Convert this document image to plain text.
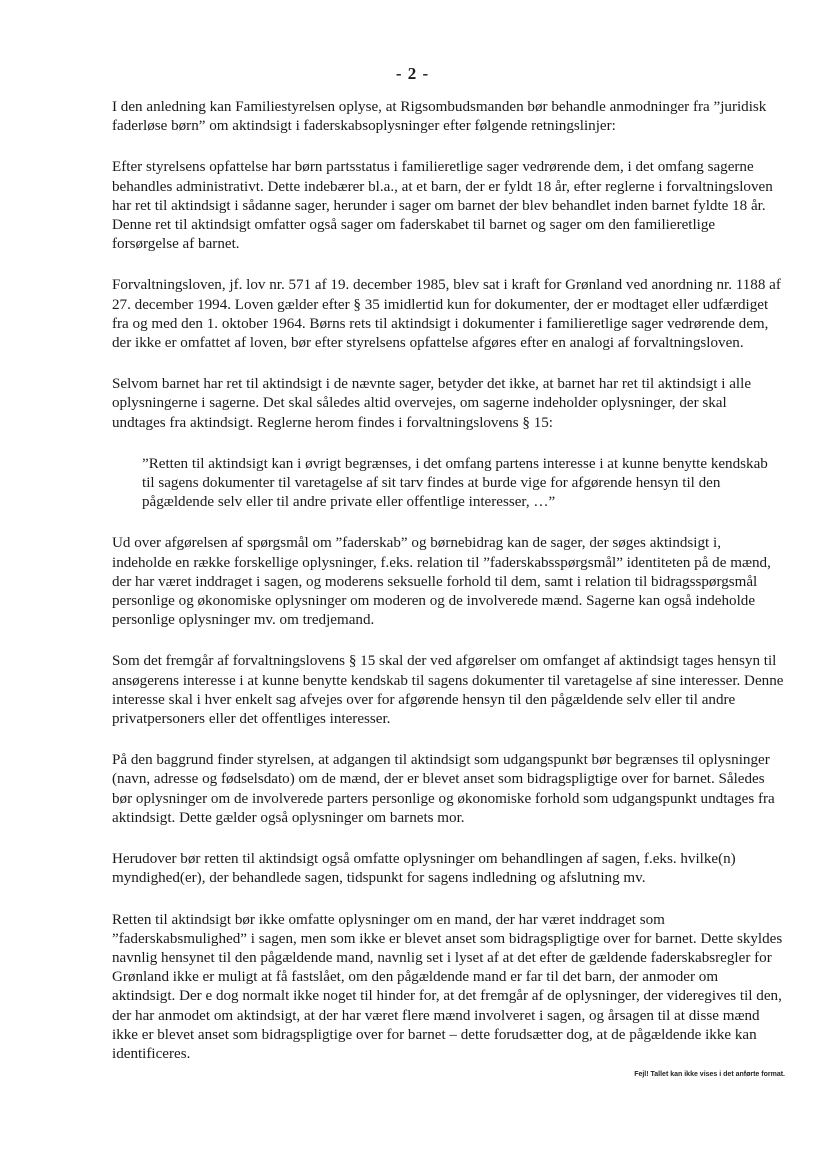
- 2 -

I den anledning kan Familiestyrelsen oplyse, at Rigsombudsmanden bør behandle anmodninger fra ”juridisk faderløse børn” om aktindsigt i faderskabsoplysninger efter følgende retningslinjer:

Efter styrelsens opfattelse har børn partsstatus i familieretlige sager vedrørende dem, i det omfang sagerne behandles administrativt. Dette indebærer bl.a., at et barn, der er fyldt 18 år, efter reglerne i forvaltningsloven har ret til aktindsigt i sådanne sager, herunder i sager om barnet der blev behandlet inden barnet fyldte 18 år. Denne ret til aktindsigt omfatter også sager om faderskabet til barnet og sager om den familieretlige forsørgelse af barnet.

Forvaltningsloven, jf. lov nr. 571 af 19. december 1985, blev sat i kraft for Grønland ved anordning nr. 1188 af 27. december 1994. Loven gælder efter § 35 imidlertid kun for dokumenter, der er modtaget eller udfærdiget fra og med den 1. oktober 1964. Børns rets til aktindsigt i dokumenter i familieretlige sager vedrørende dem, der ikke er omfattet af loven, bør efter styrelsens opfattelse afgøres efter en analogi af forvaltningsloven.

Selvom barnet har ret til aktindsigt i de nævnte sager, betyder det ikke, at barnet har ret til aktindsigt i alle oplysningerne i sagerne. Det skal således altid overvejes, om sagerne indeholder oplysninger, der skal undtages fra aktindsigt. Reglerne herom findes i forvaltningslovens § 15:

”Retten til aktindsigt kan i øvrigt begrænses, i det omfang partens interesse i at kunne benytte kendskab til sagens dokumenter til varetagelse af sit tarv findes at burde vige for afgørende hensyn til den pågældende selv eller til andre private eller offentlige interesser, …”

Ud over afgørelsen af spørgsmål om ”faderskab” og børnebidrag kan de sager, der søges aktindsigt i, indeholde en række forskellige oplysninger, f.eks. relation til ”faderskabsspørgsmål” identiteten på de mænd, der har været inddraget i sagen, og moderens seksuelle forhold til dem, samt i relation til bidragsspørgsmål personlige og økonomiske oplysninger om moderen og de involverede mænd. Sagerne kan også indeholde personlige oplysninger mv. om tredjemand.

Som det fremgår af forvaltningslovens § 15 skal der ved afgørelser om omfanget af aktindsigt tages hensyn til ansøgerens interesse i at kunne benytte kendskab til sagens dokumenter til varetagelse af sine interesser. Denne interesse skal i hver enkelt sag afvejes over for afgørende hensyn til den pågældende selv eller til andre privatpersoners eller det offentliges interesser.

På den baggrund finder styrelsen, at adgangen til aktindsigt som udgangspunkt bør begrænses til oplysninger (navn, adresse og fødselsdato) om de mænd, der er blevet anset som bidragspligtige over for barnet. Således bør oplysninger om de involverede parters personlige og økonomiske forhold som udgangspunkt undtages fra aktindsigt. Dette gælder også oplysninger om barnets mor.

Herudover bør retten til aktindsigt også omfatte oplysninger om behandlingen af sagen, f.eks. hvilke(n) myndighed(er), der behandlede sagen, tidspunkt for sagens indledning og afslutning mv.

Retten til aktindsigt bør ikke omfatte oplysninger om en mand, der har været inddraget som ”faderskabsmulighed” i sagen, men som ikke er blevet anset som bidragspligtige over for barnet. Dette skyldes navnlig hensynet til den pågældende mand, navnlig set i lyset af at det efter de gældende faderskabsregler for Grønland ikke er muligt at få fastslået, om den pågældende mand er far til det barn, der anmoder om aktindsigt. Der e dog normalt ikke noget til hinder for, at det fremgår af de oplysninger, der videregives til den, der har anmodet om aktindsigt, at der har været flere mænd involveret i sagen, og årsagen til at disse mænd ikke er blevet anset som bidragspligtige over for barnet – dette forudsætter dog, at de pågældende ikke kan identificeres.

Fejl! Tallet kan ikke vises i det anførte format.
